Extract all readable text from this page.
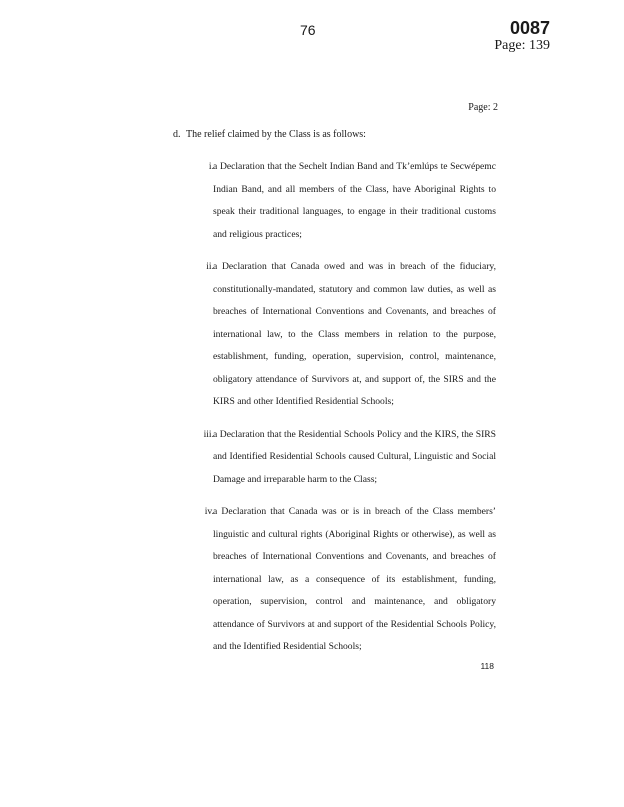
76	0087
Page: 139
Page: 2
d. The relief claimed by the Class is as follows:
i. a Declaration that the Sechelt Indian Band and Tk’emlúps te Secwépemc Indian Band, and all members of the Class, have Aboriginal Rights to speak their traditional languages, to engage in their traditional customs and religious practices;
ii. a Declaration that Canada owed and was in breach of the fiduciary, constitutionally-mandated, statutory and common law duties, as well as breaches of International Conventions and Covenants, and breaches of international law, to the Class members in relation to the purpose, establishment, funding, operation, supervision, control, maintenance, obligatory attendance of Survivors at, and support of, the SIRS and the KIRS and other Identified Residential Schools;
iii. a Declaration that the Residential Schools Policy and the KIRS, the SIRS and Identified Residential Schools caused Cultural, Linguistic and Social Damage and irreparable harm to the Class;
iv. a Declaration that Canada was or is in breach of the Class members’ linguistic and cultural rights (Aboriginal Rights or otherwise), as well as breaches of International Conventions and Covenants, and breaches of international law, as a consequence of its establishment, funding, operation, supervision, control and maintenance, and obligatory attendance of Survivors at and support of the Residential Schools Policy, and the Identified Residential Schools;
118
